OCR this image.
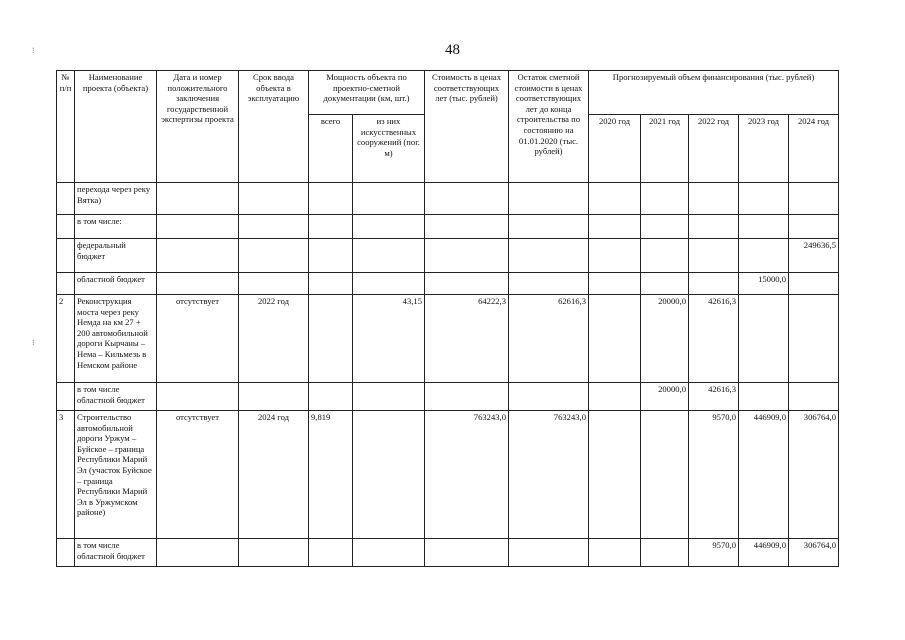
48
№ п/п	Наименование проекта (объекта)	Дата и номер положительного заключения государственной экспертизы проекта	Срок ввода объекта в эксплуатацию	Мощность объекта по проектно-сметной документации (км, шт.)		Стоимость в ценах соответствующих лет (тыс. рублей)	Остаток сметной стоимости в ценах соответствующих лет до конца строительства по состоянию на 01.01.2020 (тыс. рублей)	Прогнозируемый объем финансирования (тыс. рублей)				
				всего	из них искусственных сооружений (пог. м)			2020 год	2021 год	2022 год	2023 год	2024 год
	перехода через реку Вятка)											
	в том числе:											
	федеральный бюджет											249636,5
	областной бюджет										15000,0	
2	Реконструкция моста через реку Немда на км 27 + 200 автомобильной дороги Кырчаны – Нема – Кильмезь в Немском районе	отсутствует	2022 год		43,15	64222,3	62616,3		20000,0	42616,3		
	в том числе областной бюджет								20000,0	42616,3		
3	Строительство автомобильной дороги Уржум – Буйское – граница Республики Марий Эл (участок Буйское – граница Республики Марий Эл в Уржумском районе)	отсутствует	2024 год	9,819		763243,0	763243,0			9570,0	446909,0	306764,0
	в том числе областной бюджет									9570,0	446909,0	306764,0
⁝
⁝
